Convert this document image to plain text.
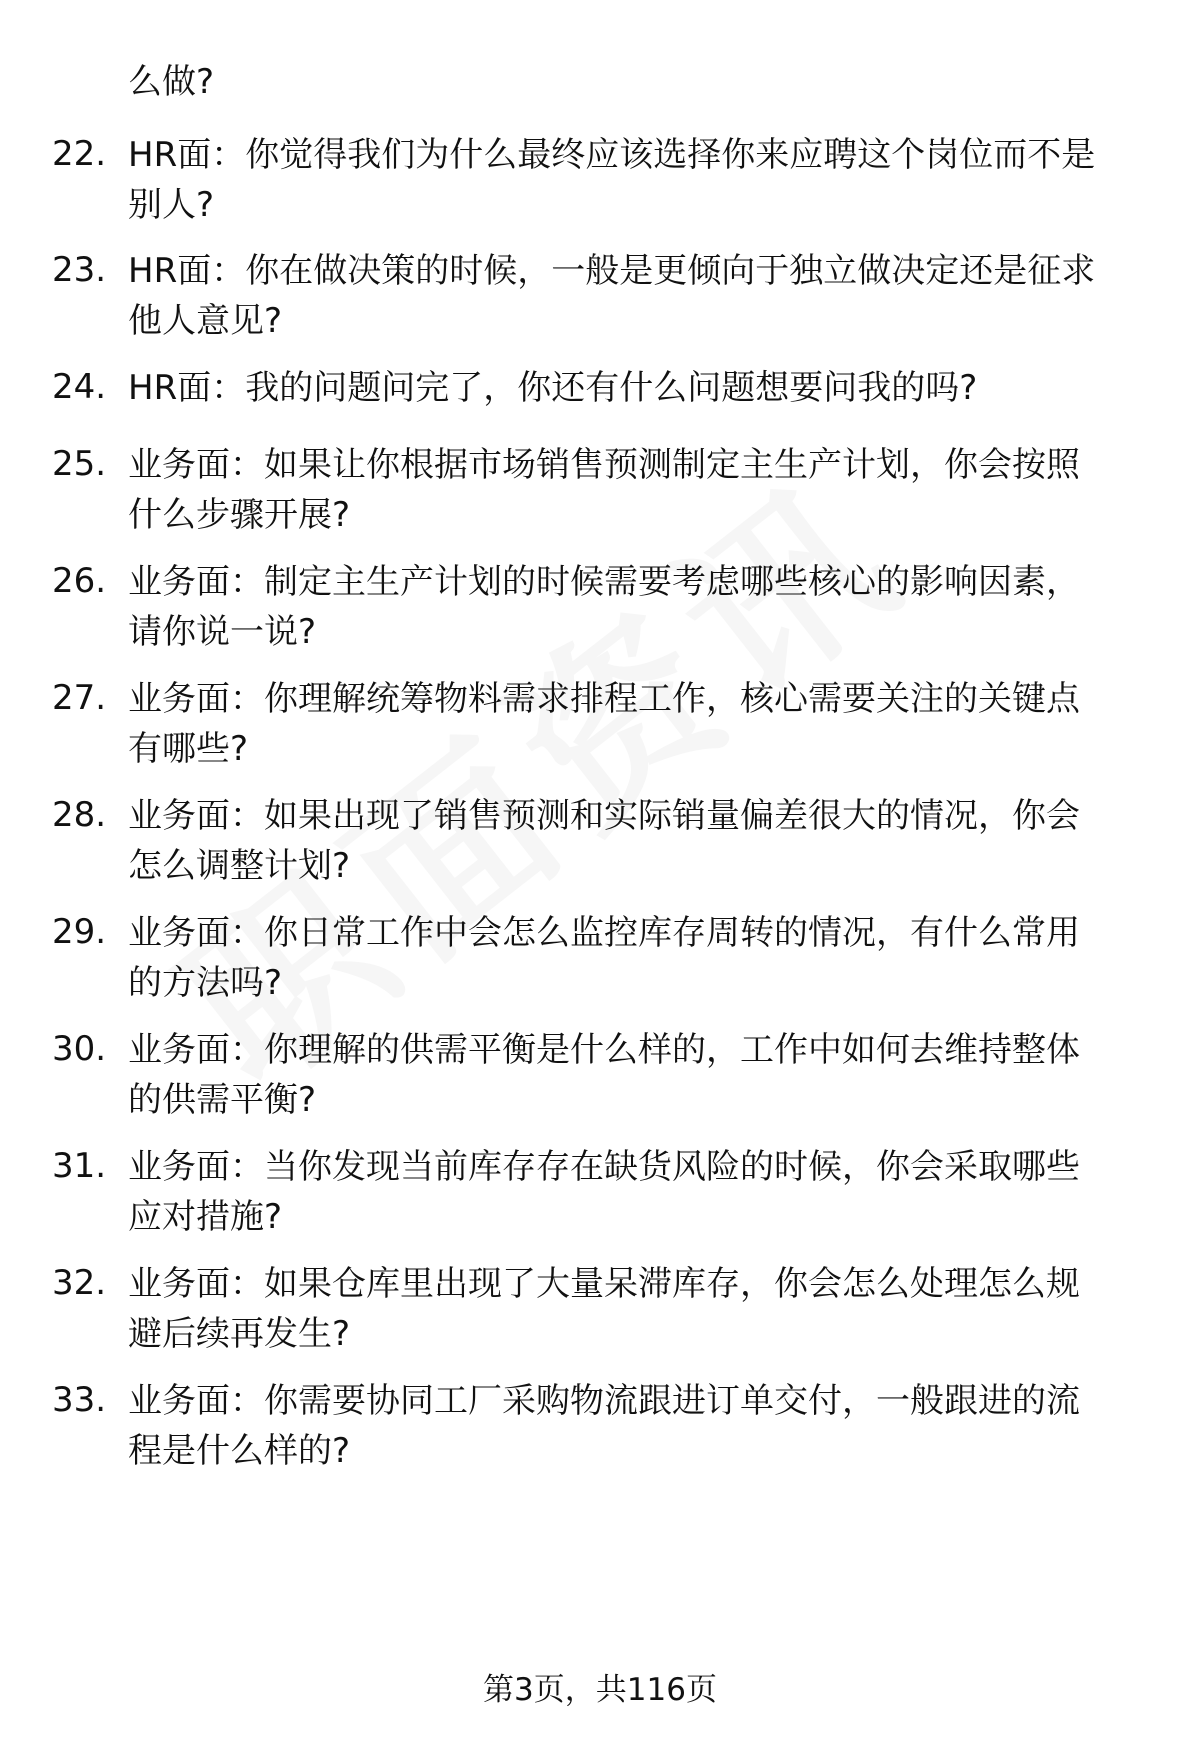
么做?
22. HR面：你觉得我们为什么最终应该选择你来应聘这个岗位而不是
别人?
23. HR面：你在做决策的时候，一般是更倾向于独立做决定还是征求
他人意见?
24. HR面：我的问题问完了，你还有什么问题想要问我的吗?
25. 业务面：如果让你根据市场销售预测制定主生产计划，你会按照
什么步骤开展?
26. 业务面：制定主生产计划的时候需要考虑哪些核心的影响因素，
请你说一说?
27. 业务面：你理解统筹物料需求排程工作，核心需要关注的关键点
有哪些?
28. 业务面：如果出现了销售预测和实际销量偏差很大的情况，你会
怎么调整计划?
29. 业务面：你日常工作中会怎么监控库存周转的情况，有什么常用
的方法吗?
30. 业务面：你理解的供需平衡是什么样的，工作中如何去维持整体
的供需平衡?
31. 业务面：当你发现当前库存存在缺货风险的时候，你会采取哪些
应对措施?
32. 业务面：如果仓库里出现了大量呆滞库存，你会怎么处理怎么规
避后续再发生?
33. 业务面：你需要协同工厂采购物流跟进订单交付，一般跟进的流
程是什么样的?
第3页，共116页
